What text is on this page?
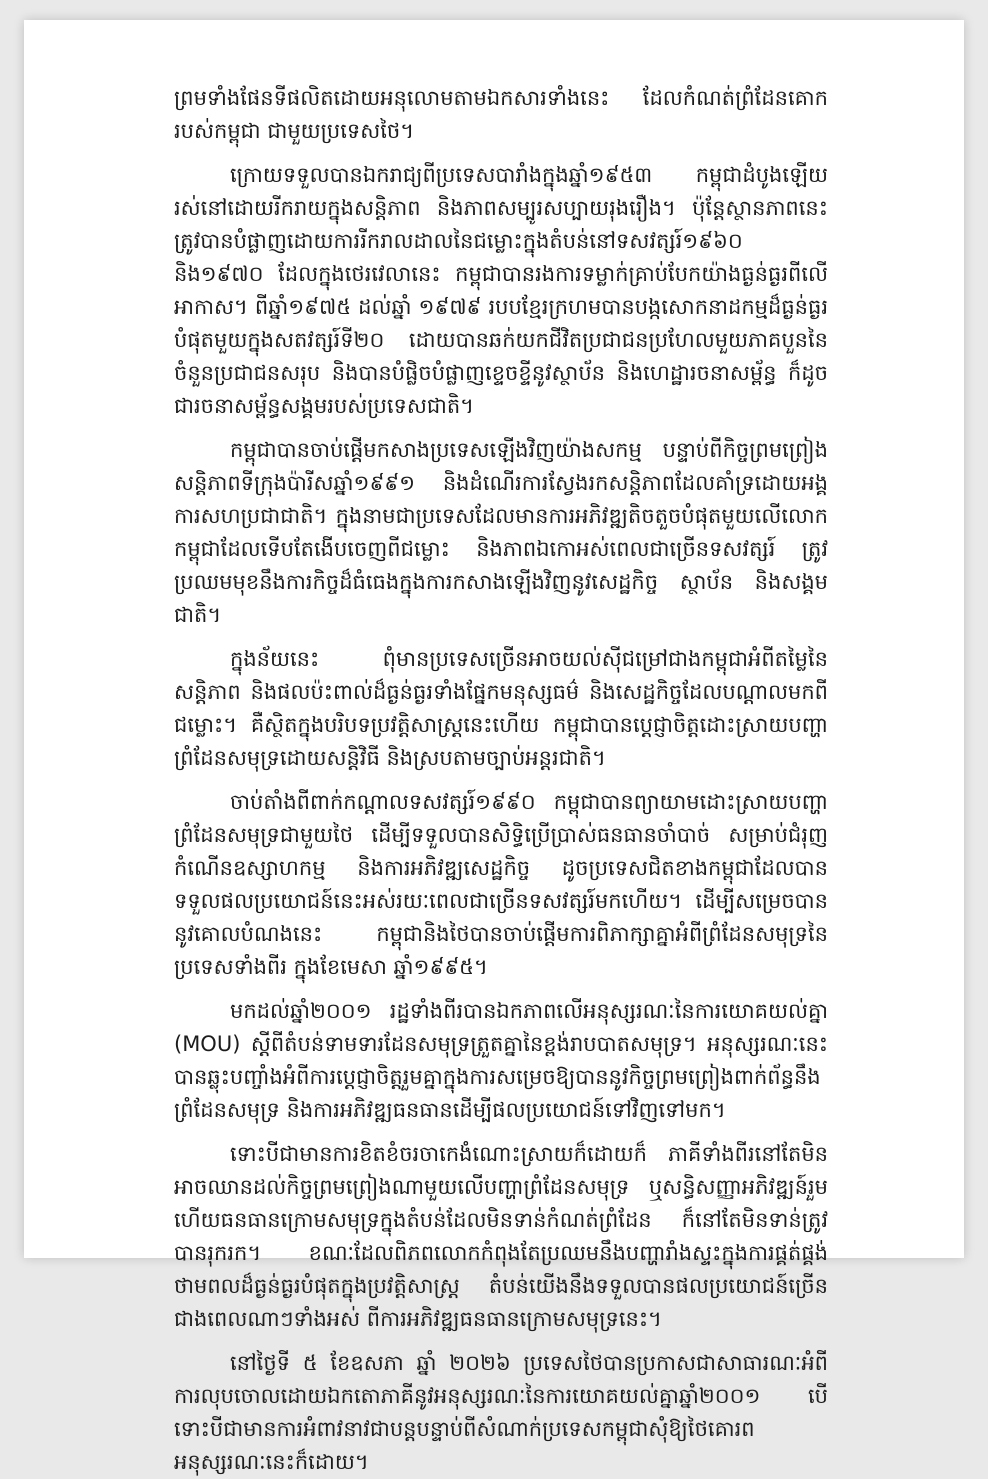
ព្រមទាំងផែនទីផលិតដោយអនុលោមតាមឯកសារទាំងនេះ ដែលកំណត់ព្រំដែនគោករបស់កម្ពុជា ជាមួយប្រទេសថៃ។

ក្រោយទទួលបានឯករាជ្យពីប្រទេសបារាំងក្នុងឆ្នាំ១៩៥៣ កម្ពុជាដំបូងឡើយរស់នៅដោយរីករាយក្នុងសន្តិភាព និងភាពសម្បូរសប្បាយរុងរឿង។ ប៉ុន្តែស្ថានភាពនេះត្រូវបានបំផ្លាញដោយការរីករាលដាលនៃជម្លោះក្នុងតំបន់នៅទសវត្សរ៍១៩៦០ និង១៩៧០ ដែលក្នុងថេរវេលានេះ កម្ពុជាបានរងការទម្លាក់គ្រាប់បែកយ៉ាងធ្ងន់ធ្ងរពីលើអាកាស។ ពីឆ្នាំ១៩៧៥ ដល់ឆ្នាំ ១៩៧៩ របបខ្មែរក្រហមបានបង្កសោកនាដកម្មដ៏ធ្ងន់ធ្ងរបំផុតមួយក្នុងសតវត្សរ៍ទី២០ ដោយបានឆក់យកជីវិតប្រជាជនប្រហែលមួយភាគបួននៃចំនួនប្រជាជនសរុប និងបានបំផ្លិចបំផ្លាញខ្ទេចខ្ទីនូវស្ថាប័ន និងហេដ្ឋារចនាសម្ព័ន្ធ ក៏ដូចជារចនាសម្ព័ន្ធសង្គមរបស់ប្រទេសជាតិ។

កម្ពុជាបានចាប់ផ្តើមកសាងប្រទេសឡើងវិញយ៉ាងសកម្ម បន្ទាប់ពីកិច្ចព្រមព្រៀងសន្តិភាពទីក្រុងប៉ារីសឆ្នាំ១៩៩១ និងដំណើរការស្វែងរកសន្តិភាពដែលគាំទ្រដោយអង្គការសហប្រជាជាតិ។ ក្នុងនាមជាប្រទេសដែលមានការអភិវឌ្ឍតិចតួចបំផុតមួយលើលោក កម្ពុជាដែលទើបតែងើបចេញពីជម្លោះ និងភាពឯកោអស់ពេលជាច្រើនទសវត្សរ៍ ត្រូវប្រឈមមុខនឹងការកិច្ចដ៏ធំធេងក្នុងការកសាងឡើងវិញនូវសេដ្ឋកិច្ច ស្ថាប័ន និងសង្គមជាតិ។

ក្នុងន័យនេះ ពុំមានប្រទេសច្រើនអាចយល់ស៊ីជម្រៅជាងកម្ពុជាអំពីតម្លៃនៃសន្តិភាព និងផលប៉ះពាល់ដ៏ធ្ងន់ធ្ងរទាំងផ្នែកមនុស្សធម៌ និងសេដ្ឋកិច្ចដែលបណ្តាលមកពីជម្លោះ។ គឺស្ថិតក្នុងបរិបទប្រវត្តិសាស្ត្រនេះហើយ កម្ពុជាបានប្តេជ្ញាចិត្តដោះស្រាយបញ្ហាព្រំដែនសមុទ្រដោយសន្តិវិធី និងស្របតាមច្បាប់អន្តរជាតិ។

ចាប់តាំងពីពាក់កណ្តាលទសវត្សរ៍១៩៩០ កម្ពុជាបានព្យាយាមដោះស្រាយបញ្ហាព្រំដែនសមុទ្រជាមួយថៃ ដើម្បីទទួលបានសិទ្ធិប្រើប្រាស់ធនធានចាំបាច់ សម្រាប់ជំរុញកំណើនឧស្សាហកម្ម និងការអភិវឌ្ឍសេដ្ឋកិច្ច ដូចប្រទេសជិតខាងកម្ពុជាដែលបានទទួលផលប្រយោជន៍នេះអស់រយៈពេលជាច្រើនទសវត្សរ៍មកហើយ។ ដើម្បីសម្រេចបាននូវគោលបំណងនេះ កម្ពុជានិងថៃបានចាប់ផ្តើមការពិភាក្សាគ្នាអំពីព្រំដែនសមុទ្រនៃប្រទេសទាំងពីរ ក្នុងខែមេសា ឆ្នាំ១៩៩៥។

មកដល់ឆ្នាំ២០០១ រដ្ឋទាំងពីរបានឯកភាពលើអនុស្សរណៈនៃការយោគយល់គ្នា (MOU) ស្តីពីតំបន់ទាមទារដែនសមុទ្រត្រួតគ្នានៃខ្ពង់រាបបាតសមុទ្រ។ អនុស្សរណៈនេះបានឆ្លុះបញ្ចាំងអំពីការប្តេជ្ញាចិត្តរួមគ្នាក្នុងការសម្រេចឱ្យបាននូវកិច្ចព្រមព្រៀងពាក់ព័ន្ធនឹងព្រំដែនសមុទ្រ និងការអភិវឌ្ឍធនធានដើម្បីផលប្រយោជន៍ទៅវិញទៅមក។

ទោះបីជាមានការខិតខំចរចាកេងំណោះស្រាយក៏ដោយក៏ ភាគីទាំងពីរនៅតែមិនអាចឈានដល់កិច្ចព្រមព្រៀងណាមួយលើបញ្ហាព្រំដែនសមុទ្រ ឬសន្ធិសញ្ញាអភិវឌ្ឍន៍រួម ហើយធនធានក្រោមសមុទ្រក្នុងតំបន់ដែលមិនទាន់កំណត់ព្រំដែន ក៏នៅតែមិនទាន់ត្រូវបានរុករក។ ខណៈដែលពិភពលោកកំពុងតែប្រឈមនឹងបញ្ហារាំងស្ទះក្នុងការផ្គត់ផ្គង់ថាមពលដ៏ធ្ងន់ធ្ងរបំផុតក្នុងប្រវត្តិសាស្ត្រ តំបន់យើងនឹងទទួលបានផលប្រយោជន៍ច្រើនជាងពេលណាៗទាំងអស់ ពីការអភិវឌ្ឍធនធានក្រោមសមុទ្រនេះ។

នៅថ្ងៃទី ៥ ខែឧសភា ឆ្នាំ ២០២៦ ប្រទេសថៃបានប្រកាសជាសាធារណៈអំពីការលុបចោលដោយឯកតោភាគីនូវអនុស្សរណៈនៃការយោគយល់គ្នាឆ្នាំ២០០១ បើទោះបីជាមានការអំពាវនាវជាបន្តបន្ទាប់ពីសំណាក់ប្រទេសកម្ពុជាសុំឱ្យថៃគោរពអនុស្សរណៈនេះក៏ដោយ។
